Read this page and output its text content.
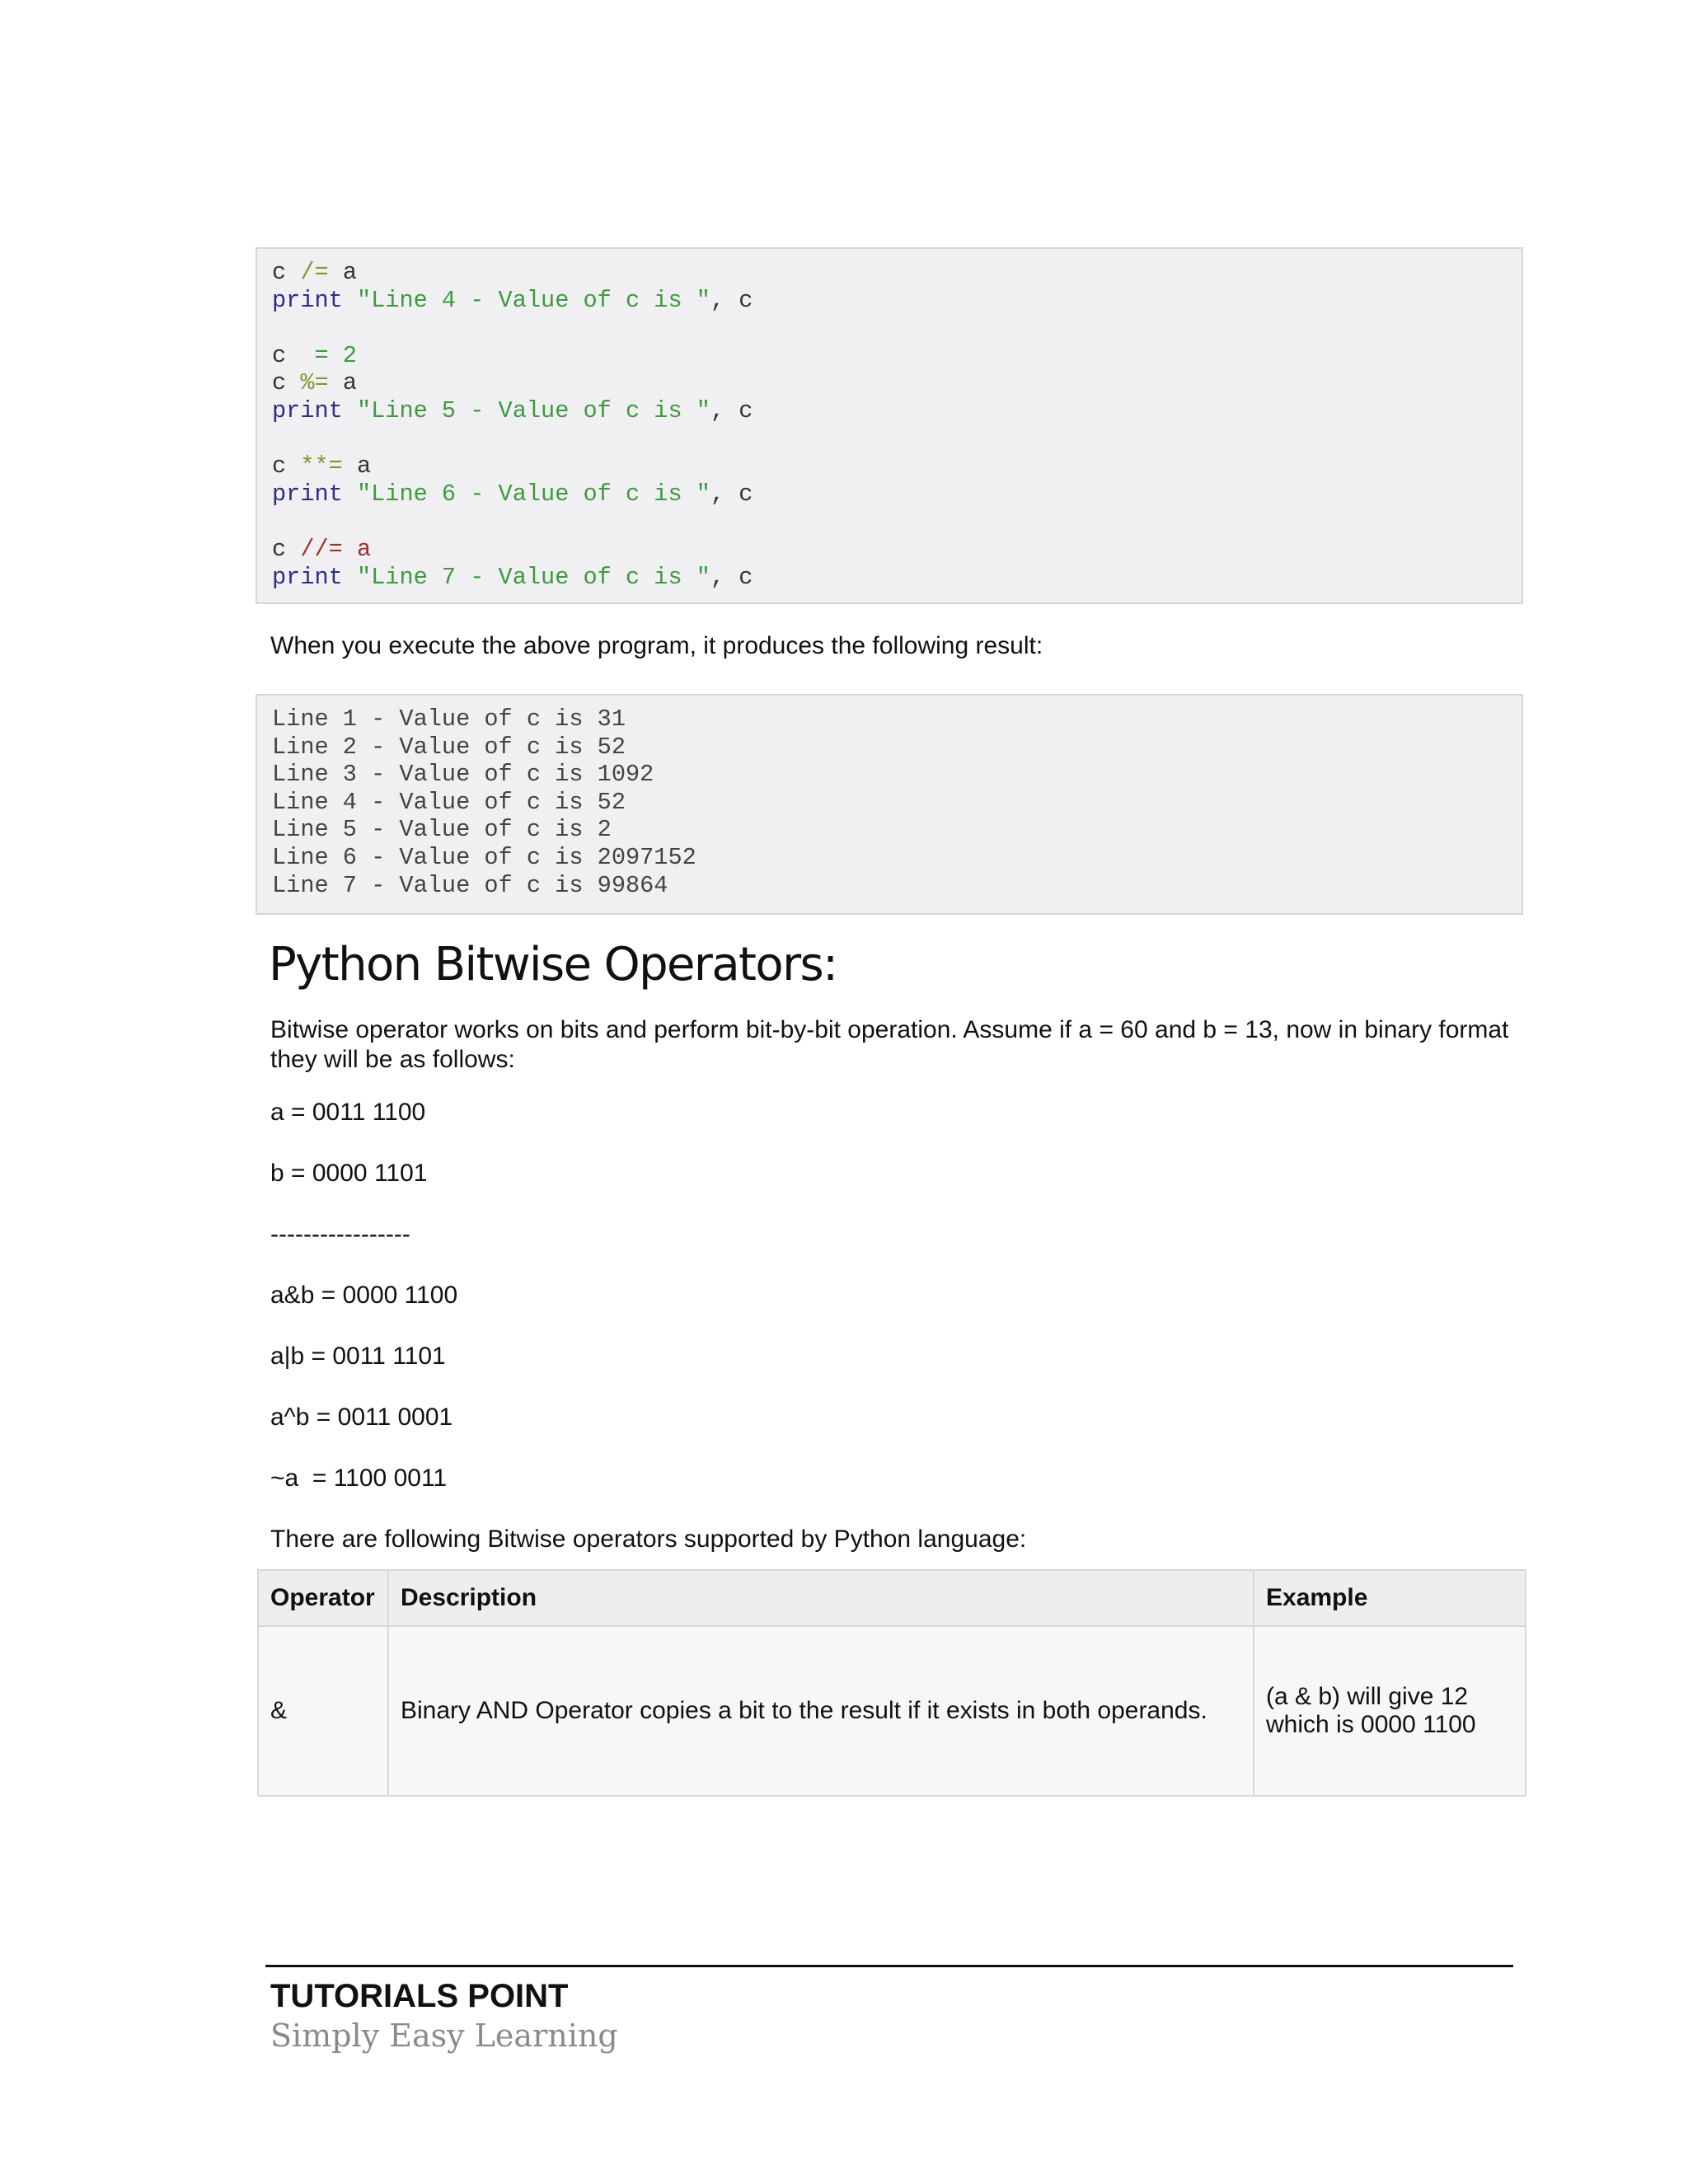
c /= a
print "Line 4 - Value of c is ", c
c  = 2
c %= a
print "Line 5 - Value of c is ", c
c **= a
print "Line 6 - Value of c is ", c
c //= a
print "Line 7 - Value of c is ", c
When you execute the above program, it produces the following result:
Line 1 - Value of c is 31
Line 2 - Value of c is 52
Line 3 - Value of c is 1092
Line 4 - Value of c is 52
Line 5 - Value of c is 2
Line 6 - Value of c is 2097152
Line 7 - Value of c is 99864
Python Bitwise Operators:
Bitwise operator works on bits and perform bit-by-bit operation. Assume if a = 60 and b = 13, now in binary format they will be as follows:
a = 0011 1100
b = 0000 1101
-----------------
a&b = 0000 1100
a|b = 0011 1101
a^b = 0011 0001
~a  = 1100 0011
There are following Bitwise operators supported by Python language:
Operator	Description	Example
&	Binary AND Operator copies a bit to the result if it exists in both operands.	(a & b) will give 12
which is 0000 1100
TUTORIALS POINT
Simply Easy Learning
